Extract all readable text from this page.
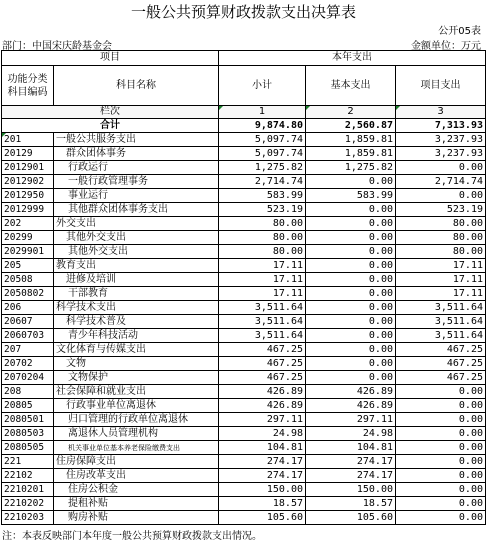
一般公共预算财政拨款支出决算表
公开05表
部门：中国宋庆龄基金会	金额单位：万元
项目		本年支出		
功能分类科目编码	科目名称	小计	基本支出	项目支出
栏次		1	2	3
合计		9,874.80	2,560.87	7,313.93
201	一般公共服务支出	5,097.74	1,859.81	3,237.93
20129	群众团体事务	5,097.74	1,859.81	3,237.93
2012901	行政运行	1,275.82	1,275.82	0.00
2012902	一般行政管理事务	2,714.74	0.00	2,714.74
2012950	事业运行	583.99	583.99	0.00
2012999	其他群众团体事务支出	523.19	0.00	523.19
202	外交支出	80.00	0.00	80.00
20299	其他外交支出	80.00	0.00	80.00
2029901	其他外交支出	80.00	0.00	80.00
205	教育支出	17.11	0.00	17.11
20508	进修及培训	17.11	0.00	17.11
2050802	干部教育	17.11	0.00	17.11
206	科学技术支出	3,511.64	0.00	3,511.64
20607	科学技术普及	3,511.64	0.00	3,511.64
2060703	青少年科技活动	3,511.64	0.00	3,511.64
207	文化体育与传媒支出	467.25	0.00	467.25
20702	文物	467.25	0.00	467.25
2070204	文物保护	467.25	0.00	467.25
208	社会保障和就业支出	426.89	426.89	0.00
20805	行政事业单位离退休	426.89	426.89	0.00
2080501	归口管理的行政单位离退休	297.11	297.11	0.00
2080503	离退休人员管理机构	24.98	24.98	0.00
2080505	机关事业单位基本养老保险缴费支出	104.81	104.81	0.00
221	住房保障支出	274.17	274.17	0.00
22102	住房改革支出	274.17	274.17	0.00
2210201	住房公积金	150.00	150.00	0.00
2210202	提租补贴	18.57	18.57	0.00
2210203	购房补贴	105.60	105.60	0.00
注：本表反映部门本年度一般公共预算财政拨款支出情况。
